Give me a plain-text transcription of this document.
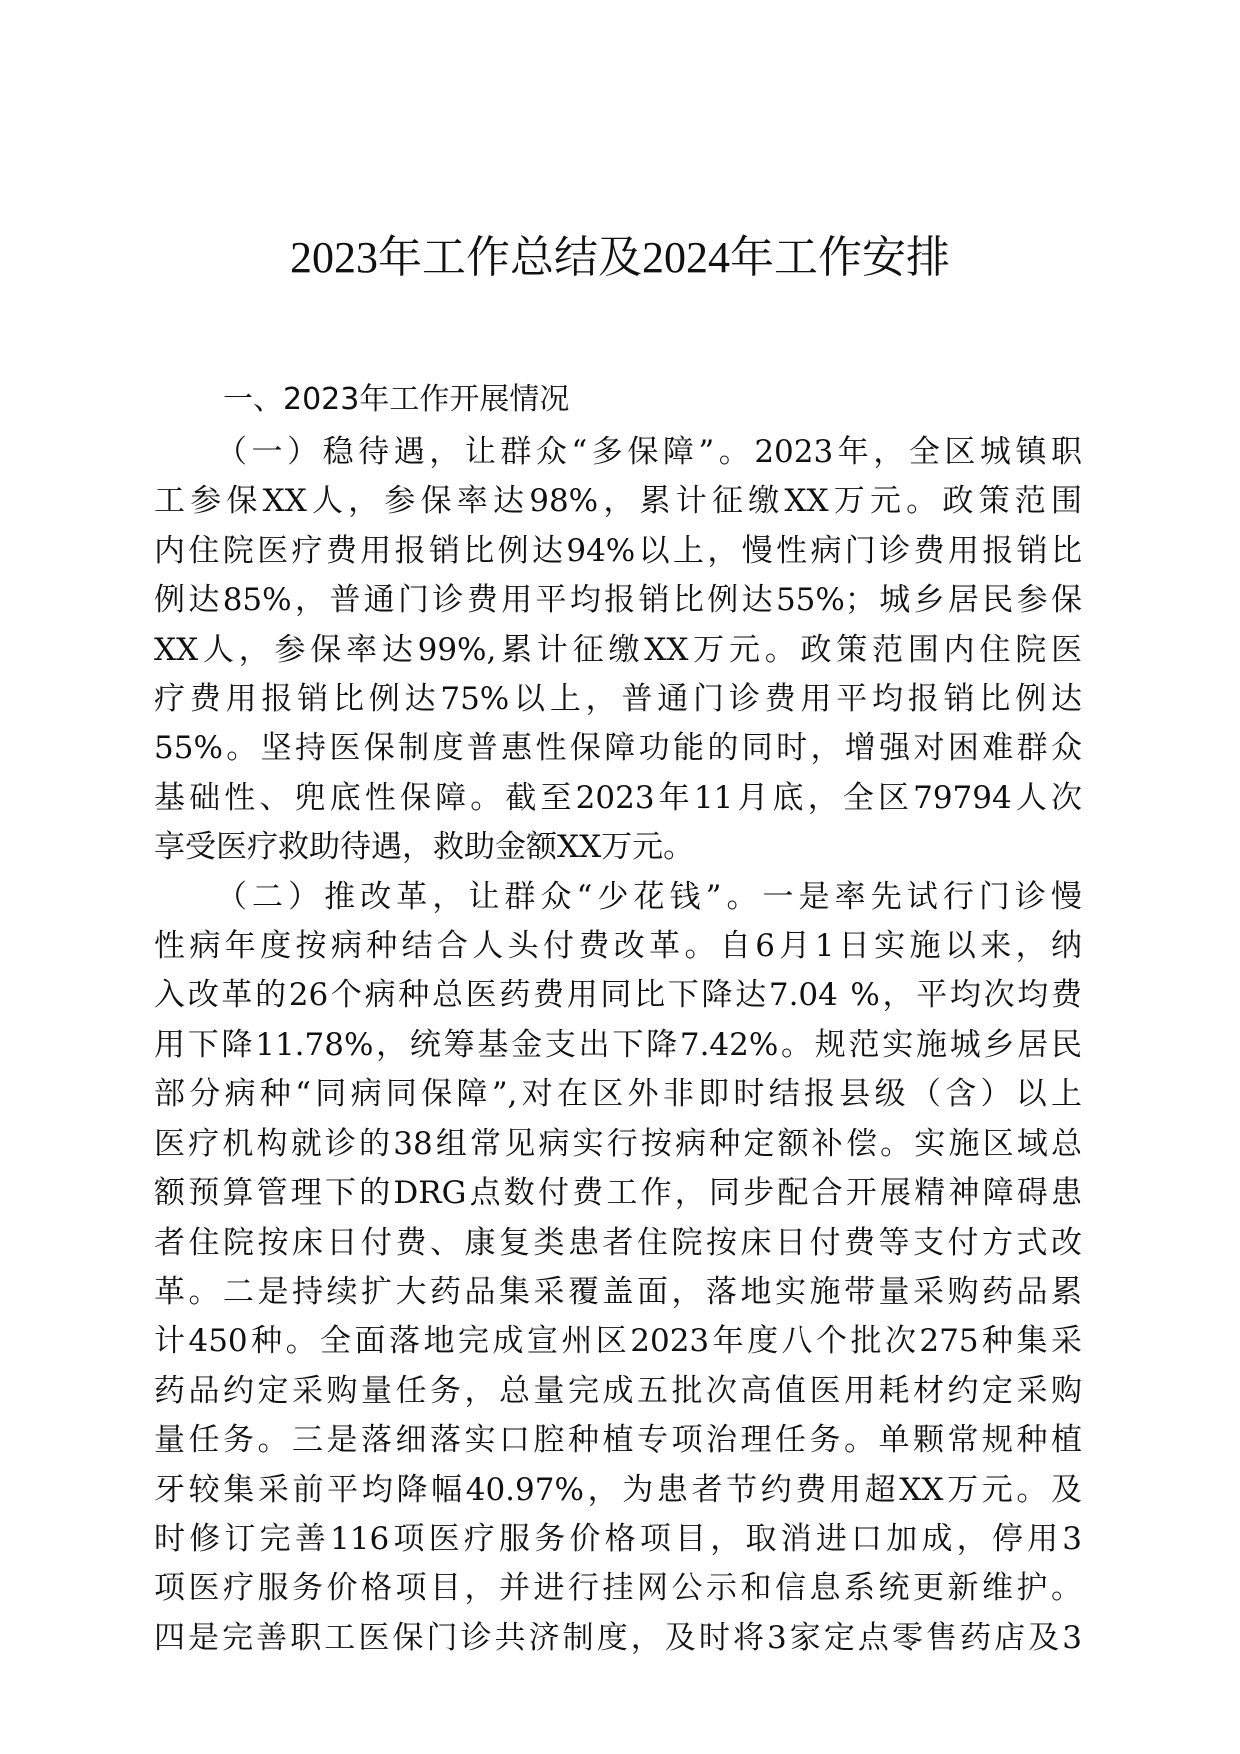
2023年工作总结及2024年工作安排
一、2023年工作开展情况
（一）稳待遇，让群众“多保障”。2023年，全区城镇职
工参保XX人，参保率达98%，累计征缴XX万元。政策范围
内住院医疗费用报销比例达94%以上，慢性病门诊费用报销比
例达85%，普通门诊费用平均报销比例达55%；城乡居民参保
XX人，参保率达99%,累计征缴XX万元。政策范围内住院医
疗费用报销比例达75%以上，普通门诊费用平均报销比例达
55%。坚持医保制度普惠性保障功能的同时，增强对困难群众
基础性、兜底性保障。截至2023年11月底，全区79794人次
享受医疗救助待遇，救助金额XX万元。
（二）推改革，让群众“少花钱”。一是率先试行门诊慢
性病年度按病种结合人头付费改革。自6月1日实施以来，纳
入改革的26个病种总医药费用同比下降达7.04 %，平均次均费
用下降11.78%，统筹基金支出下降7.42%。规范实施城乡居民
部分病种“同病同保障”,对在区外非即时结报县级（含）以上
医疗机构就诊的38组常见病实行按病种定额补偿。实施区域总
额预算管理下的DRG点数付费工作，同步配合开展精神障碍患
者住院按床日付费、康复类患者住院按床日付费等支付方式改
革。二是持续扩大药品集采覆盖面，落地实施带量采购药品累
计450种。全面落地完成宣州区2023年度八个批次275种集采
药品约定采购量任务，总量完成五批次高值医用耗材约定采购
量任务。三是落细落实口腔种植专项治理任务。单颗常规种植
牙较集采前平均降幅40.97%，为患者节约费用超XX万元。及
时修订完善116项医疗服务价格项目，取消进口加成，停用3
项医疗服务价格项目，并进行挂网公示和信息系统更新维护。
四是完善职工医保门诊共济制度，及时将3家定点零售药店及3
